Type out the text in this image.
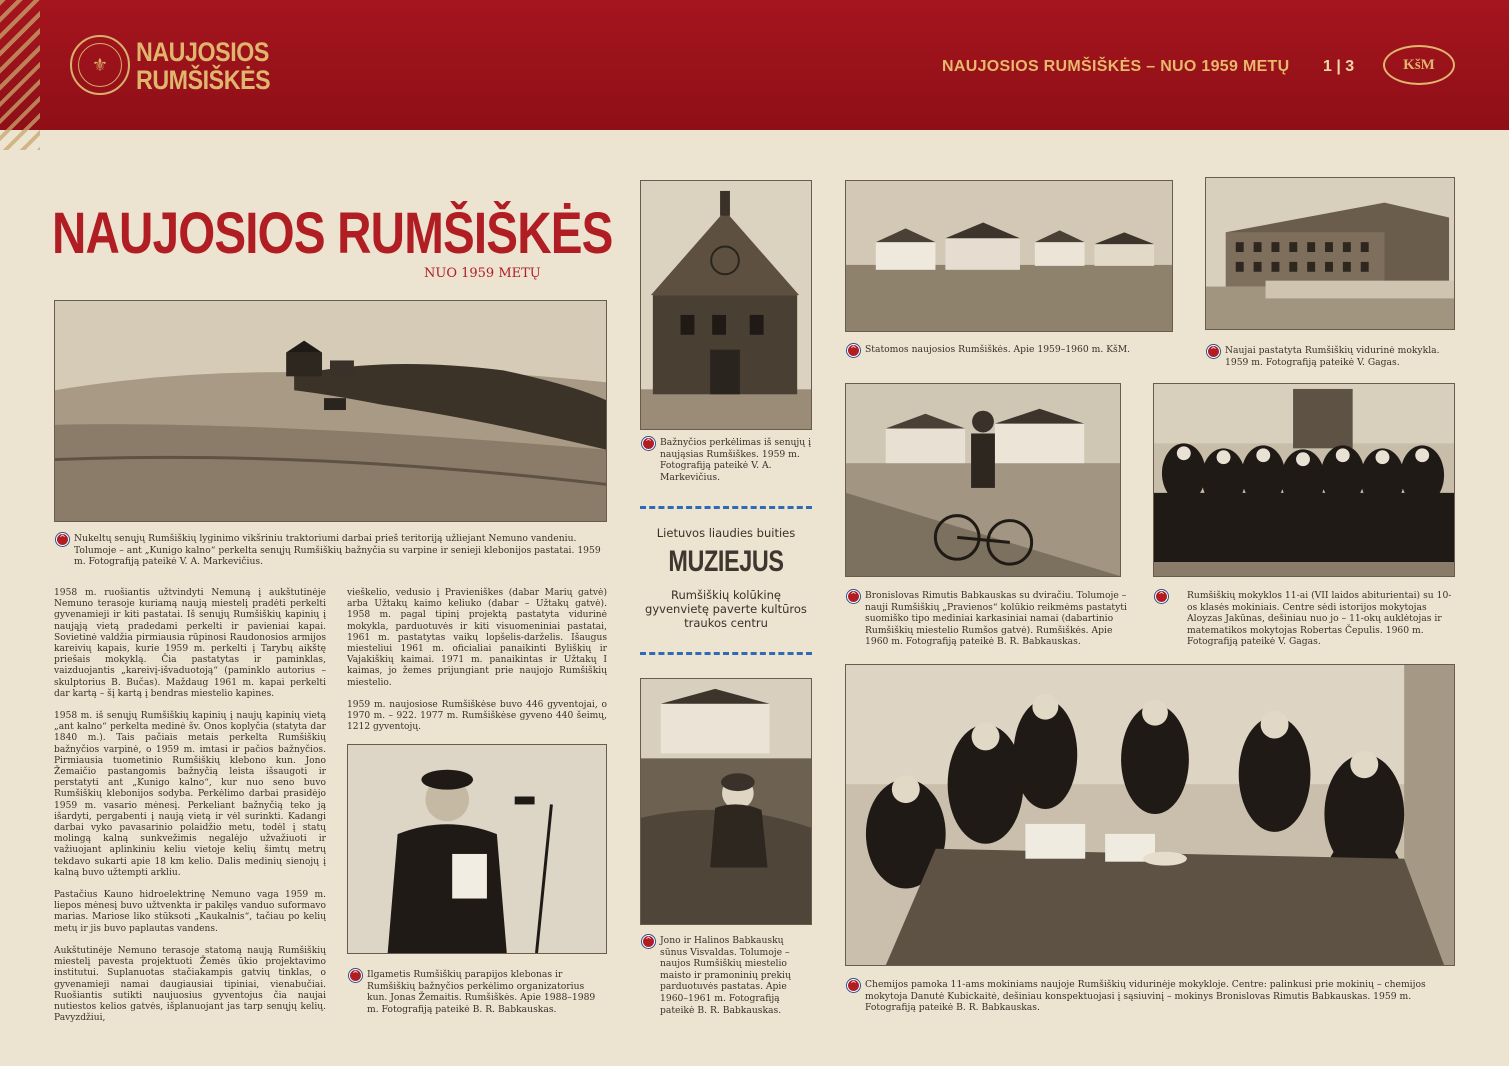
⚜	NAUJOSIOS
RUMŠIŠKĖS	NAUJOSIOS RUMŠIŠKĖS – NUO 1959 METŲ 1 | 3	KšM
NAUJOSIOS RUMŠIŠKĖS
NUO 1959 METŲ
^ Nukeltų senųjų Rumšiškių lyginimo vikšriniu traktoriumi darbai prieš teritoriją užliejant Nemuno vandeniu. Tolumoje – ant „Kunigo kalno“ perkelta senųjų Rumšiškių bažnyčia su varpine ir senieji klebonijos pastatai. 1959 m. Fotografiją pateikė V. A. Markevičius.
^ Bažnyčios perkėlimas iš senųjų į naująsias Rumšiškes. 1959 m. Fotografiją pateikė V. A. Markevičius.
Lietuvos liaudies buities
MUZIEJUS
Rumšiškių kolūkinę gyvenvietę paverte kultūros traukos centru
^ Statomos naujosios Rumšiškės. Apie 1959–1960 m. KšM.	^ Naujai pastatyta Rumšiškių vidurinė mokykla. 1959 m. Fotografiją pateikė V. Gagas.
^ Bronislovas Rimutis Babkauskas su dviračiu. Tolumoje – nauji Rumšiškių „Pravienos“ kolūkio reikmėms pastatyti suomiško tipo mediniai karkasiniai namai (dabartinio Rumšiškių miestelio Rumšos gatvė). Rumšiškės. Apie 1960 m. Fotografiją pateikė B. R. Babkauskas.
^	Rumšiškių mokyklos 11-ai (VII laidos abiturientai) su 10-os klasės mokiniais. Centre sėdi istorijos mokytojas Aloyzas Jakūnas, dešiniau nuo jo – 11-okų auklėtojas ir matematikos mokytojas Robertas Čepulis. 1960 m. Fotografiją pateikė V. Gagas.
^ Ilgametis Rumšiškių parapijos klebonas ir Rumšiškių bažnyčios perkėlimo organizatorius kun. Jonas Žemaitis. Rumšiškės. Apie 1988–1989 m. Fotografiją pateikė B. R. Babkauskas.
^ Jono ir Halinos Babkauskų sūnus Visvaldas. Tolumoje – naujos Rumšiškių miestelio maisto ir pramoninių prekių parduotuvės pastatas. Apie 1960–1961 m. Fotografiją pateikė B. R. Babkauskas.
^ Chemijos pamoka 11-ams mokiniams naujoje Rumšiškių vidurinėje mokykloje. Centre: palinkusi prie mokinių – chemijos mokytoja Danutė Kubickaitė, dešiniau konspektuojasi į sąsiuvinį – mokinys Bronislovas Rimutis Babkauskas. 1959 m. Fotografiją pateikė B. R. Babkauskas.

1958 m. ruošiantis užtvindyti Nemuną į aukštutinėje Nemuno terasoje kuriamą naują miestelį pradėti perkelti gyvenamieji ir kiti pastatai. Iš senųjų Rumšiškių kapinių į naująją vietą pradedami perkelti ir pavieniai kapai. Sovietinė valdžia pirmiausia rūpinosi Raudonosios armijos kareivių kapais, kurie 1959 m. perkelti į Tarybų aikštę priešais mokyklą. Čia pastatytas ir paminklas, vaizduojantis „kareivį-išvaduotoją“ (paminklo autorius – skulptorius B. Bučas). Maždaug 1961 m. kapai perkelti dar kartą – šį kartą į bendras miestelio kapines.

1958 m. iš senųjų Rumšiškių kapinių į naujų kapinių vietą „ant kalno“ perkelta medinė šv. Onos koplyčia (statyta dar 1840 m.). Tais pačiais metais perkelta Rumšiškių bažnyčios varpinė, o 1959 m. imtasi ir pačios bažnyčios. Pirmiausia tuometinio Rumšiškių klebono kun. Jono Žemaičio pastangomis bažnyčią leista išsaugoti ir perstatyti ant „Kunigo kalno“, kur nuo seno buvo Rumšiškių klebonijos sodyba. Perkėlimo darbai prasidėjo 1959 m. vasario mėnesį. Perkeliant bažnyčią teko ją išardyti, pergabenti į naują vietą ir vėl surinkti. Kadangi darbai vyko pavasarinio polaidžio metu, todėl į statų molingą kalną sunkvežimis negalėjo užvažiuoti ir važiuojant aplinkiniu keliu vietoje kelių šimtų metrų tekdavo sukarti apie 18 km kelio. Dalis medinių sienojų į kalną buvo užtempti arkliu.

Pastačius Kauno hidroelektrinę Nemuno vaga 1959 m. liepos mėnesį buvo užtvenkta ir pakilęs vanduo suformavo marias. Mariose liko stūksoti „Kaukalnis“, tačiau po kelių metų ir jis buvo paplautas vandens.

Aukštutinėje Nemuno terasoje statomą naują Rumšiškių miestelį pavesta projektuoti Žemės ūkio projektavimo institutui. Suplanuotas stačiakampis gatvių tinklas, o gyvenamieji namai daugiausiai tipiniai, vienabučiai. Ruošiantis sutikti naujuosius gyventojus čia naujai nutiestos kelios gatvės, išplanuojant jas tarp senųjų kelių. Pavyzdžiui,

vieškelio, vedusio į Pravieniškes (dabar Marių gatvė) arba Užtakų kaimo keliuko (dabar – Užtakų gatvė). 1958 m. pagal tipinį projektą pastatyta vidurinė mokykla, parduotuvės ir kiti visuomeniniai pastatai, 1961 m. pastatytas vaikų lopšelis-darželis. Išaugus miesteliui 1961 m. oficialiai panaikinti Bylišķių ir Vajakiškių kaimai. 1971 m. panaikintas ir Užtakų I kaimas, jo žemes prijungiant prie naujojo Rumšiškių miestelio.

1959 m. naujosiose Rumšiškėse buvo 446 gyventojai, o 1970 m. – 922. 1977 m. Rumšiškėse gyveno 440 šeimų, 1212 gyventojų.
